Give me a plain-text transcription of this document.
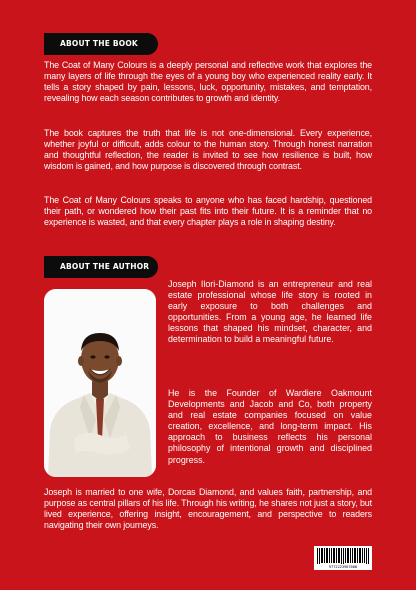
ABOUT THE BOOK

The Coat of Many Colours is a deeply personal and reflective work that explores the many layers of life through the eyes of a young boy who experienced reality early. It tells a story shaped by pain, lessons, luck, opportunity, mistakes, and temptation, revealing how each season contributes to growth and identity.

The book captures the truth that life is not one-dimensional. Every experience, whether joyful or difficult, adds colour to the human story. Through honest narration and thoughtful reflection, the reader is invited to see how resilience is built, how wisdom is gained, and how purpose is discovered through contrast.

The Coat of Many Colours speaks to anyone who has faced hardship, questioned their path, or wondered how their past fits into their future. It is a reminder that no experience is wasted, and that every chapter plays a role in shaping destiny.

ABOUT THE AUTHOR

Joseph Ilori-Diamond is an entrepreneur and real estate professional whose life story is rooted in early exposure to both challenges and opportunities. From a young age, he learned life lessons that shaped his mindset, character, and determination to build a meaningful future.

He is the Founder of Wardiere Oakmount Developments and Jacob and Co, both property and real estate companies focused on value creation, excellence, and long-term impact. His approach to business reflects his personal philosophy of intentional growth and disciplined progress.

Joseph is married to one wife, Dorcas Diamond, and values faith, partnership, and purpose as central pillars of his life. Through his writing, he shares not just a story, but lived experience, offering insight, encouragement, and perspective to readers navigating their own journeys.

9772223967008
